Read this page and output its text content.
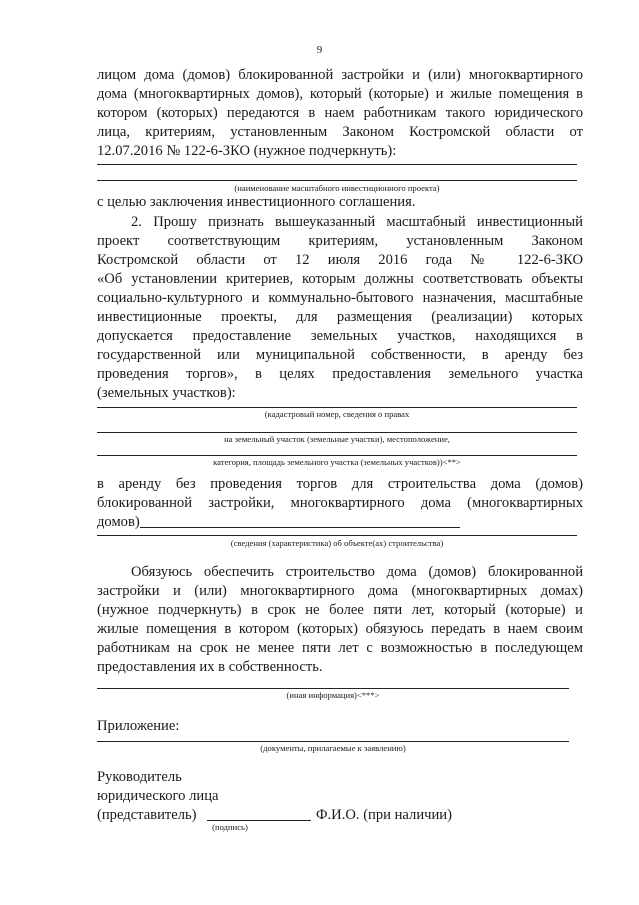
9
лицом дома (домов) блокированной застройки и (или) многоквартирного
дома (многоквартирных домов), который (которые) и жилые помещения в
котором (которых) передаются в наем работникам такого юридического
лица, критериям, установленным Законом Костромской области от
12.07.2016 № 122-6-ЗКО (нужное подчеркнуть):
(наименование масштабного инвестиционного проекта)
с целью заключения инвестиционного соглашения.
2. Прошу признать вышеуказанный масштабный инвестиционный
проект соответствующим критериям, установленным Законом
Костромской области от 12 июля 2016 года № 122-6-ЗКО
«Об установлении критериев, которым должны соответствовать объекты
социально-культурного и коммунально-бытового назначения, масштабные
инвестиционные проекты, для размещения (реализации) которых
допускается предоставление земельных участков, находящихся в
государственной или муниципальной собственности, в аренду без
проведения торгов», в целях предоставления земельного участка
(земельных участков):
(кадастровый номер, сведения о правах
на земельный участок (земельные участки), местоположение,
категория, площадь земельного участка (земельных участков))<**>
в аренду без проведения торгов для строительства дома (домов)
блокированной застройки, многоквартирного дома (многоквартирных
домов)
(сведения (характеристика) об объекте(ах) строительства)
Обязуюсь обеспечить строительство дома (домов) блокированной
застройки и (или) многоквартирного дома (многоквартирных домах)
(нужное подчеркнуть) в срок не более пяти лет, который (которые) и
жилые помещения в котором (которых) обязуюсь передать в наем своим
работникам на срок не менее пяти лет с возможностью в последующем
предоставления их в собственность.
(иная информация)<***>
Приложение:
(документы, прилагаемые к заявлению)
Руководитель
юридического лица
(представитель)	Ф.И.О. (при наличии)
(подпись)
